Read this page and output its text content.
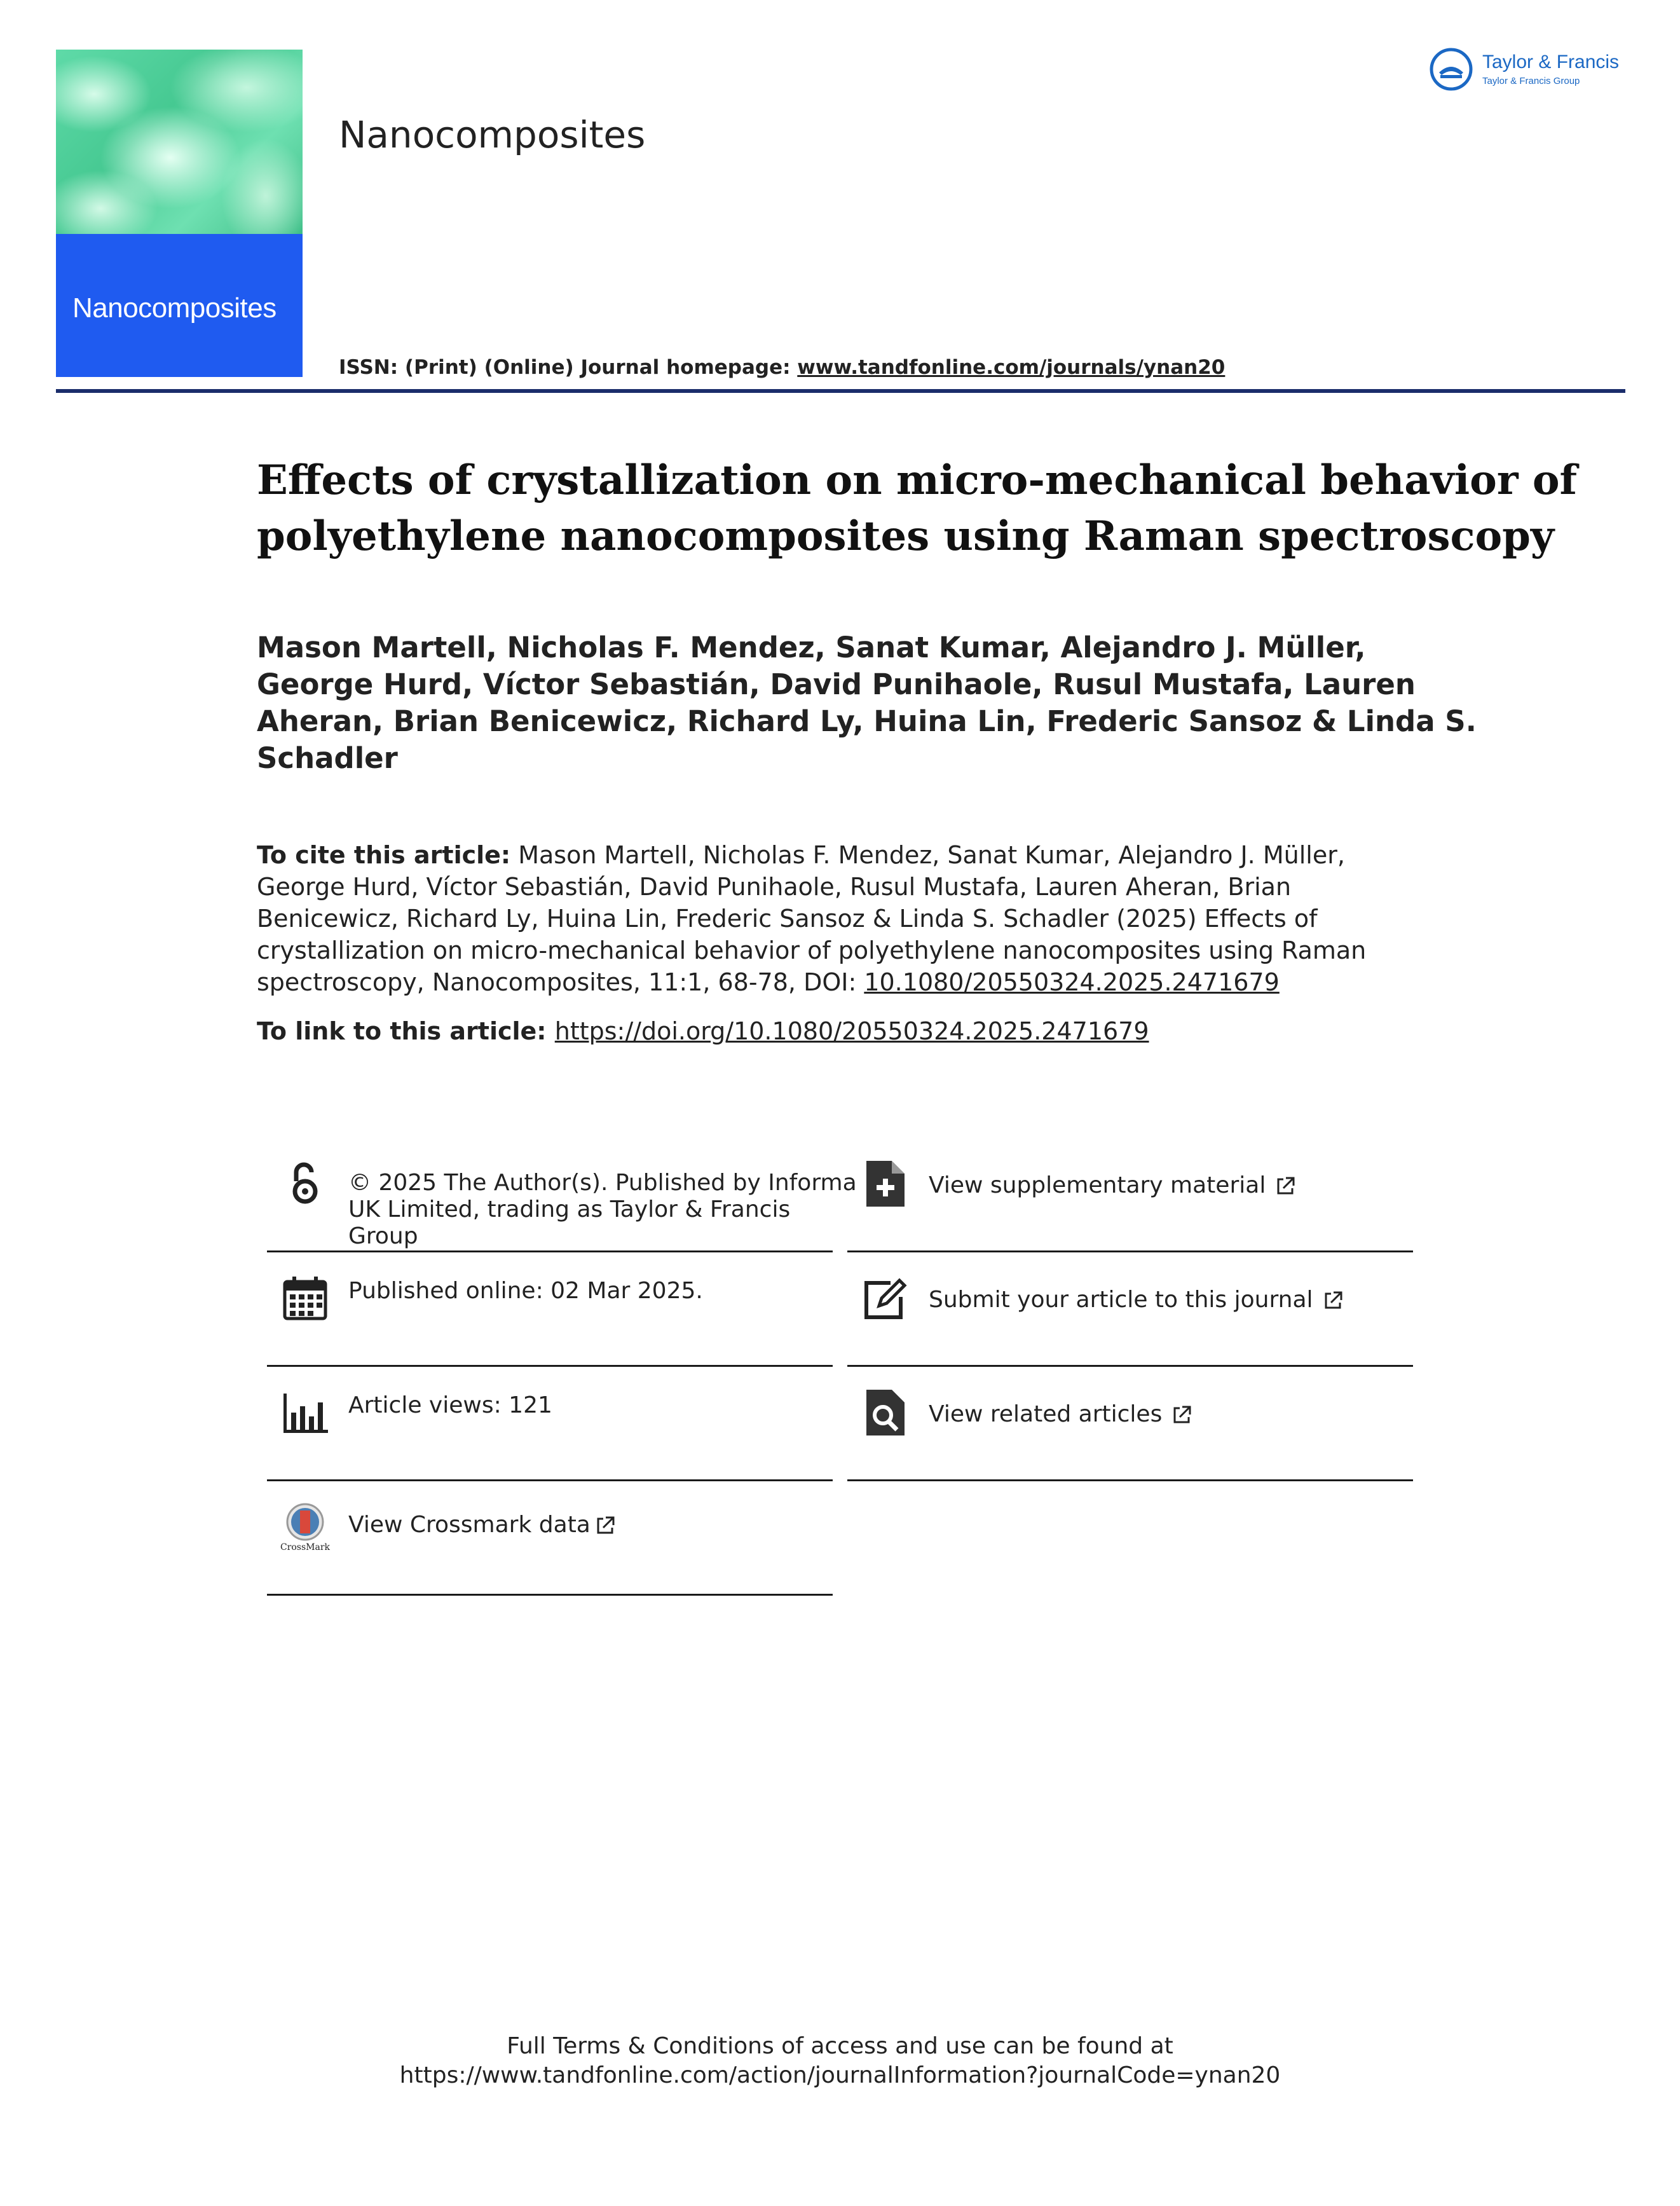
Nanocomposites
Taylor & Francis
Nanocomposites
Taylor & Francis
Taylor & Francis Group
ISSN: (Print) (Online) Journal homepage: www.tandfonline.com/journals/ynan20
Effects of crystallization on micro-mechanical behavior of
polyethylene nanocomposites using Raman spectroscopy
Mason Martell, Nicholas F. Mendez, Sanat Kumar, Alejandro J. Müller,
George Hurd, Víctor Sebastián, David Punihaole, Rusul Mustafa, Lauren
Aheran, Brian Benicewicz, Richard Ly, Huina Lin, Frederic Sansoz & Linda S.
Schadler
To cite this article: Mason Martell, Nicholas F. Mendez, Sanat Kumar, Alejandro J. Müller,
George Hurd, Víctor Sebastián, David Punihaole, Rusul Mustafa, Lauren Aheran, Brian
Benicewicz, Richard Ly, Huina Lin, Frederic Sansoz & Linda S. Schadler (2025) Effects of
crystallization on micro-mechanical behavior of polyethylene nanocomposites using Raman
spectroscopy, Nanocomposites, 11:1, 68-78, DOI: 10.1080/20550324.2025.2471679
To link to this article: https://doi.org/10.1080/20550324.2025.2471679
© 2025 The Author(s). Published by Informa
UK Limited, trading as Taylor & Francis
Group
Published online: 02 Mar 2025.
Article views: 121
CrossMark
View Crossmark data
View supplementary material
Submit your article to this journal
View related articles
Full Terms & Conditions of access and use can be found at
https://www.tandfonline.com/action/journalInformation?journalCode=ynan20
